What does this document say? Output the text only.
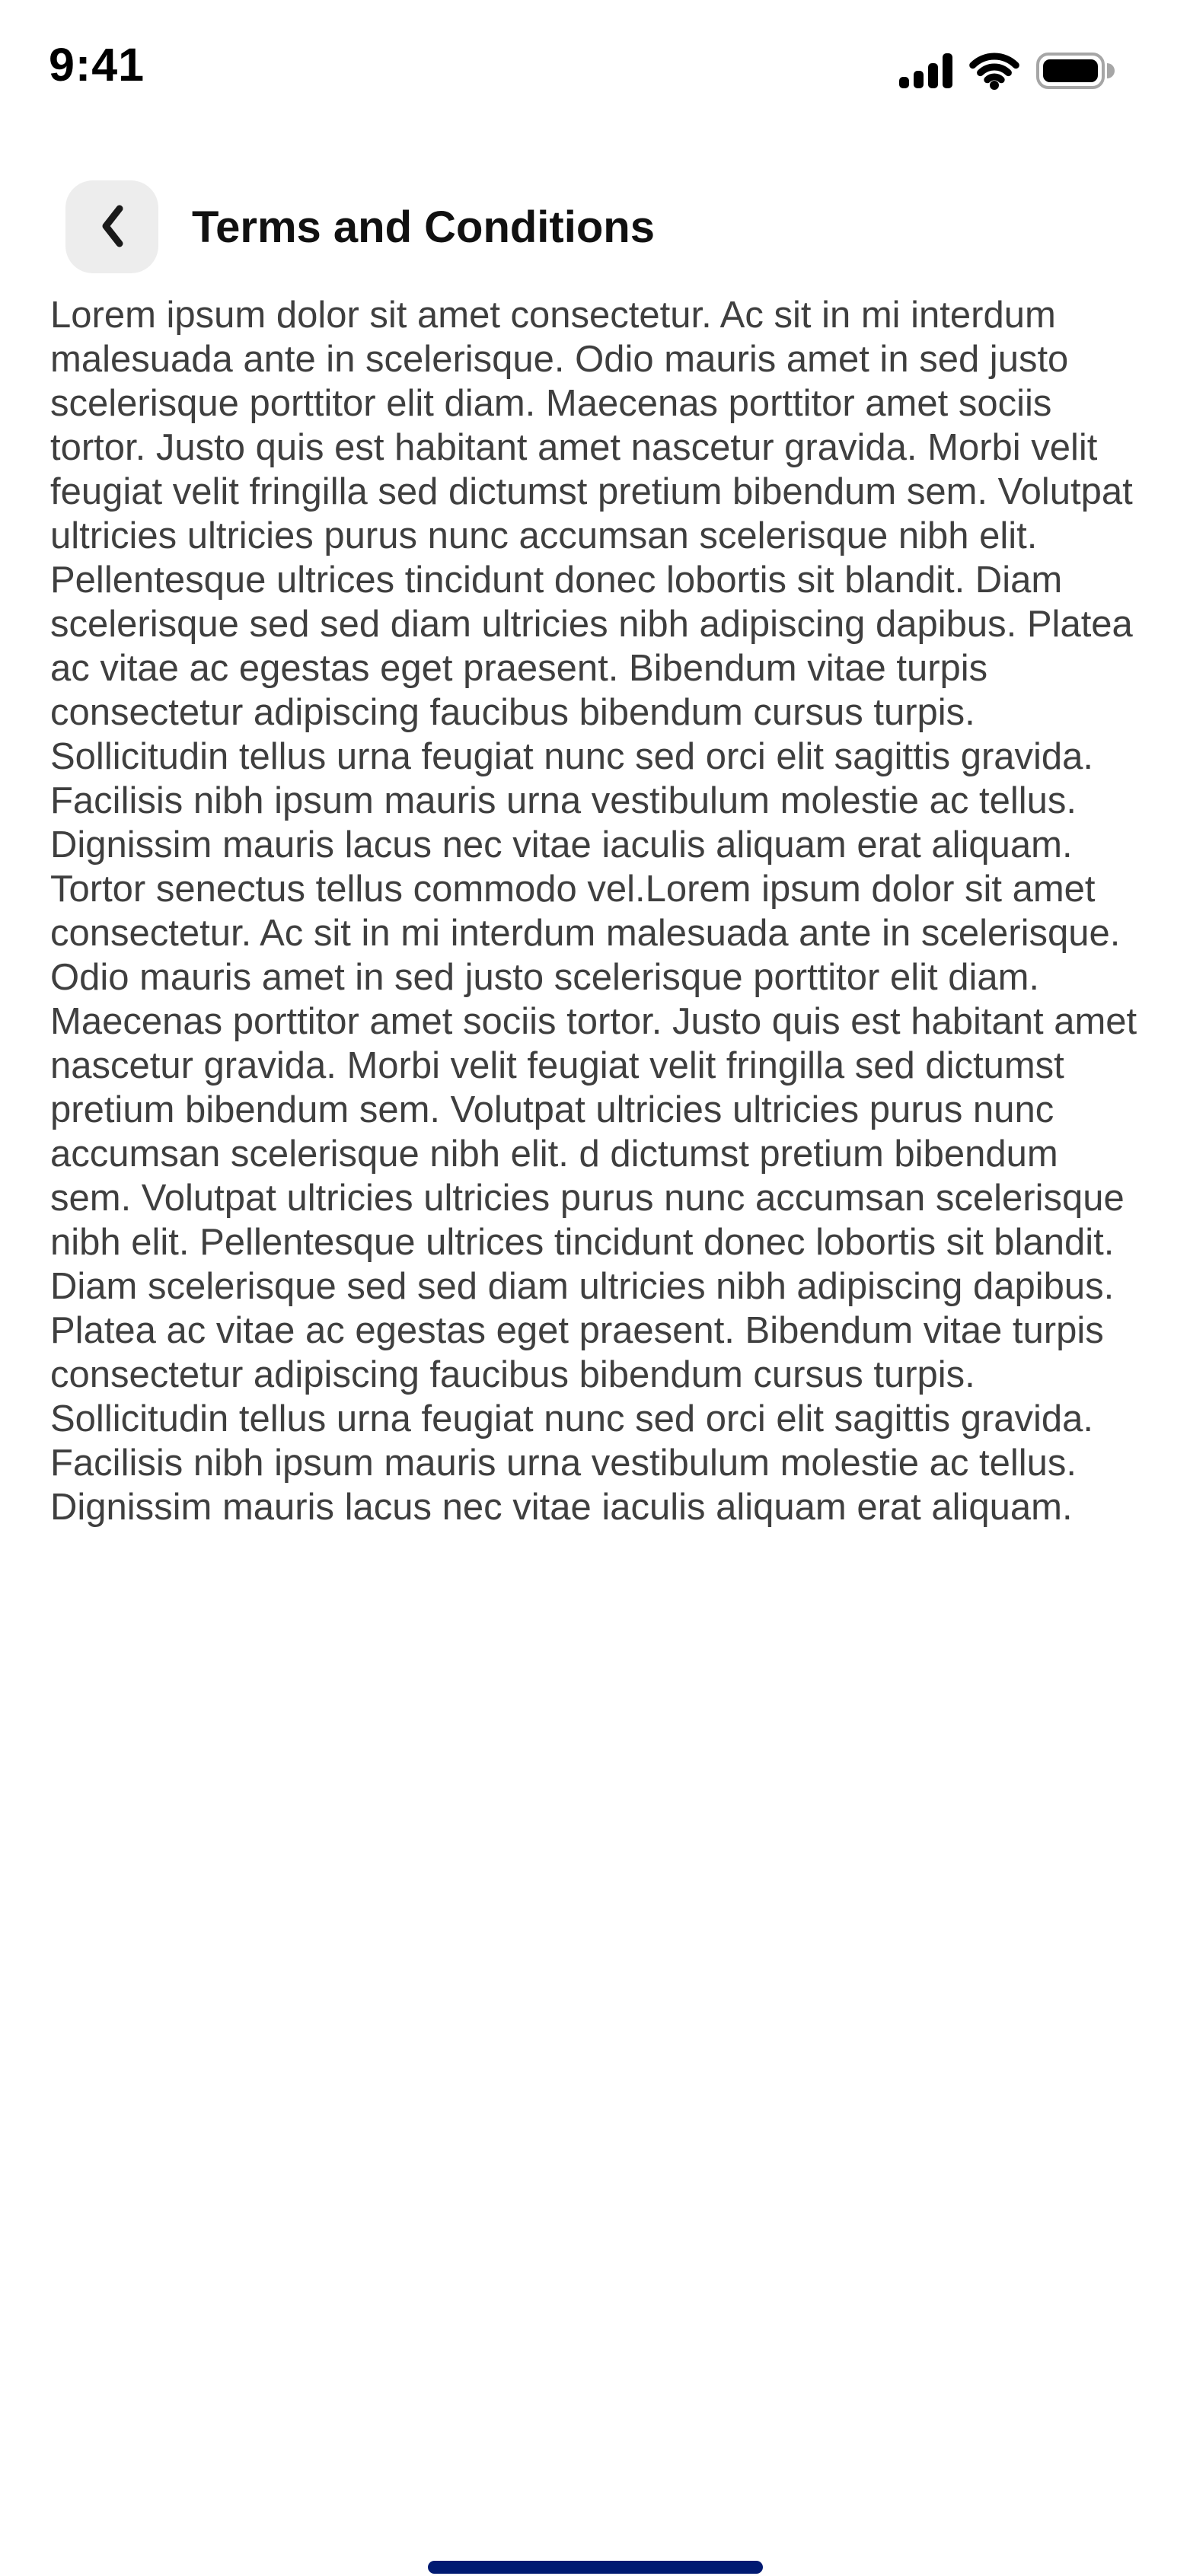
9:41
Terms and Conditions

Lorem ipsum dolor sit amet consectetur. Ac sit in mi interdum malesuada ante in scelerisque. Odio mauris amet in sed justo scelerisque porttitor elit diam. Maecenas porttitor amet sociis tortor. Justo quis est habitant amet nascetur gravida. Morbi velit feugiat velit fringilla sed dictumst pretium bibendum sem. Volutpat ultricies ultricies purus nunc accumsan scelerisque nibh elit. Pellentesque ultrices tincidunt donec lobortis sit blandit. Diam scelerisque sed sed diam ultricies nibh adipiscing dapibus. Platea ac vitae ac egestas eget praesent. Bibendum vitae turpis consectetur adipiscing faucibus bibendum cursus turpis. Sollicitudin tellus urna feugiat nunc sed orci elit sagittis gravida. Facilisis nibh ipsum mauris urna vestibulum molestie ac tellus. Dignissim mauris lacus nec vitae iaculis aliquam erat aliquam. Tortor senectus tellus commodo vel.Lorem ipsum dolor sit amet consectetur. Ac sit in mi interdum malesuada ante in scelerisque. Odio mauris amet in sed justo scelerisque porttitor elit diam. Maecenas porttitor amet sociis tortor. Justo quis est habitant amet nascetur gravida. Morbi velit feugiat velit fringilla sed dictumst pretium bibendum sem. Volutpat ultricies ultricies purus nunc accumsan scelerisque nibh elit. d dictumst pretium bibendum sem. Volutpat ultricies ultricies purus nunc accumsan scelerisque nibh elit. Pellentesque ultrices tincidunt donec lobortis sit blandit. Diam scelerisque sed sed diam ultricies nibh adipiscing dapibus. Platea ac vitae ac egestas eget praesent. Bibendum vitae turpis consectetur adipiscing faucibus bibendum cursus turpis. Sollicitudin tellus urna feugiat nunc sed orci elit sagittis gravida. Facilisis nibh ipsum mauris urna vestibulum molestie ac tellus. Dignissim mauris lacus nec vitae iaculis aliquam erat aliquam.
